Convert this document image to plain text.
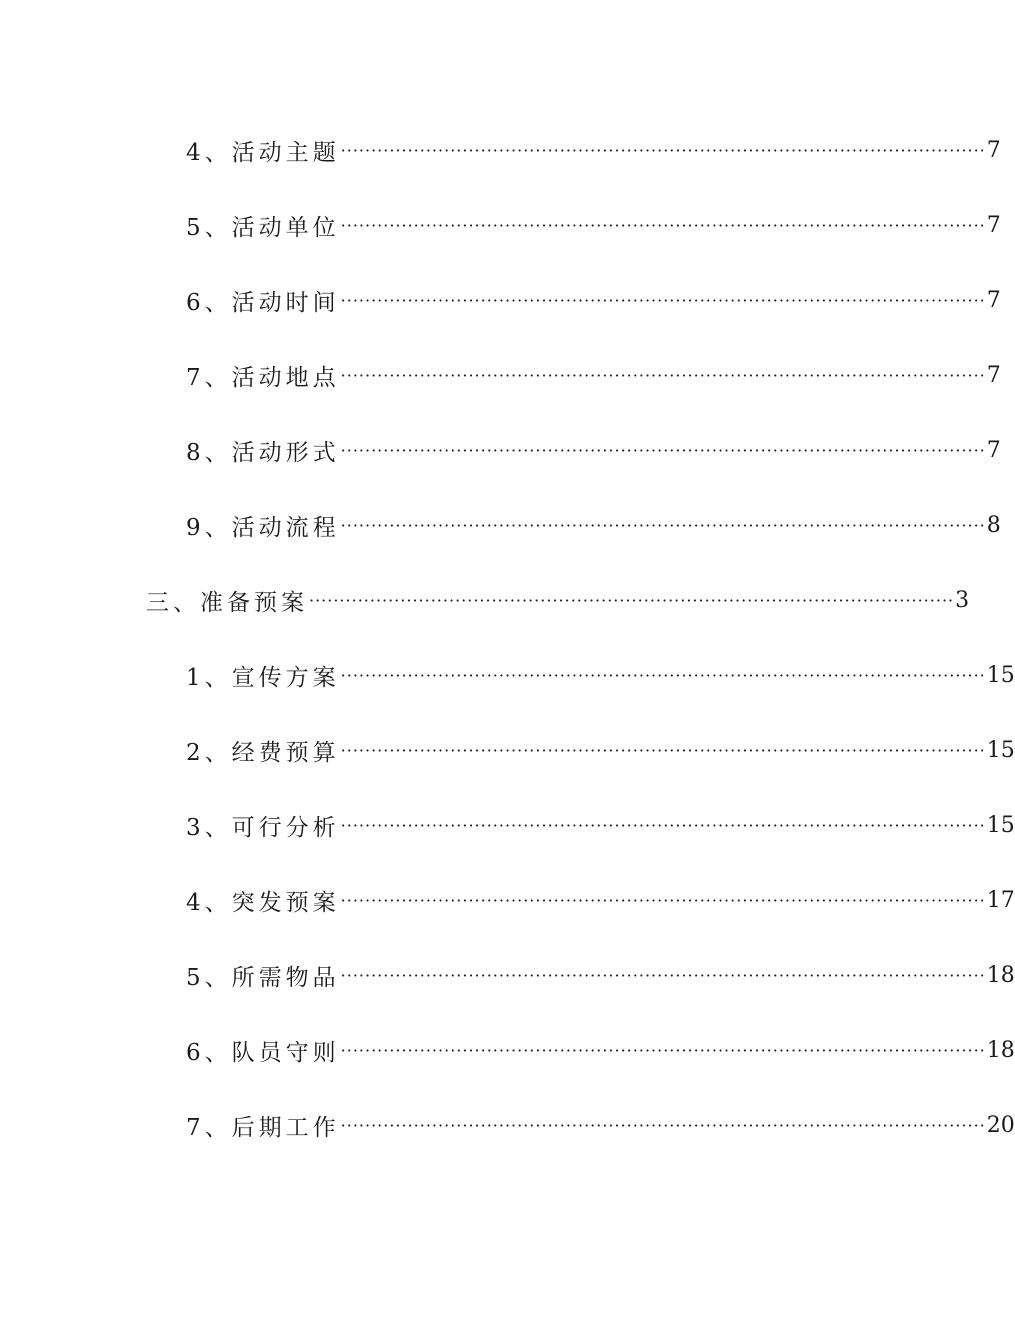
4、活动主题 ·········································································································· 7
5、活动单位 ·········································································································· 7
6、活动时间 ·········································································································· 7
7、活动地点 ·········································································································· 7
8、活动形式 ·········································································································· 7
9、活动流程 ·········································································································· 8
三、准备预案 ·········································································································· 3
1、宣传方案 ·········································································································· 15
2、经费预算 ·········································································································· 15
3、可行分析 ·········································································································· 15
4、突发预案 ·········································································································· 17
5、所需物品 ·········································································································· 18
6、队员守则 ·········································································································· 18
7、后期工作 ·········································································································· 20
